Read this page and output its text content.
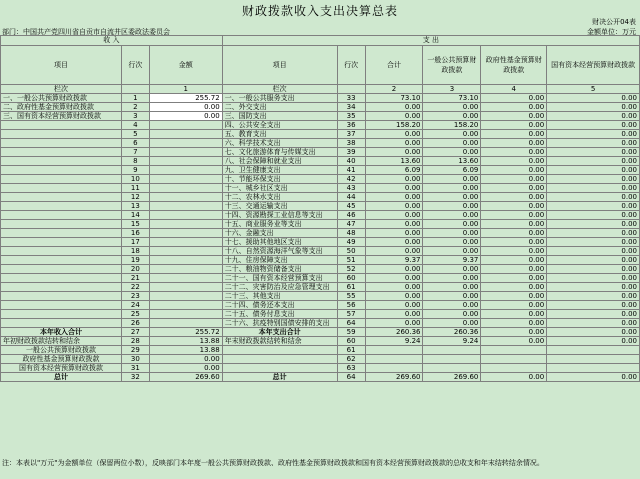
财政拨款收入支出决算总表
财决公开04表
部门：中国共产党四川省自贡市自流井区委政法委员会	金额单位：万元
收 入			支 出					
项目	行次	金额	项目	行次	合计	一般公共预算财政拨款	政府性基金预算财政拨款	国有资本经营预算财政拨款
栏次		1	栏次		2	3	4	5
一、一般公共预算财政拨款	1	255.72	一、一般公共服务支出	33	73.10	73.10	0.00	0.00
二、政府性基金预算财政拨款	2	0.00	二、外交支出	34	0.00	0.00	0.00	0.00
三、国有资本经营预算财政拨款	3	0.00	三、国防支出	35	0.00	0.00	0.00	0.00
	4		四、公共安全支出	36	158.20	158.20	0.00	0.00
	5		五、教育支出	37	0.00	0.00	0.00	0.00
	6		六、科学技术支出	38	0.00	0.00	0.00	0.00
	7		七、文化旅游体育与传媒支出	39	0.00	0.00	0.00	0.00
	8		八、社会保障和就业支出	40	13.60	13.60	0.00	0.00
	9		九、卫生健康支出	41	6.09	6.09	0.00	0.00
	10		十、节能环保支出	42	0.00	0.00	0.00	0.00
	11		十一、城乡社区支出	43	0.00	0.00	0.00	0.00
	12		十二、农林水支出	44	0.00	0.00	0.00	0.00
	13		十三、交通运输支出	45	0.00	0.00	0.00	0.00
	14		十四、资源勘探工业信息等支出	46	0.00	0.00	0.00	0.00
	15		十五、商业服务业等支出	47	0.00	0.00	0.00	0.00
	16		十六、金融支出	48	0.00	0.00	0.00	0.00
	17		十七、援助其他地区支出	49	0.00	0.00	0.00	0.00
	18		十八、自然资源海洋气象等支出	50	0.00	0.00	0.00	0.00
	19		十九、住房保障支出	51	9.37	9.37	0.00	0.00
	20		二十、粮油物资储备支出	52	0.00	0.00	0.00	0.00
	21		二十一、国有资本经营预算支出	60	0.00	0.00	0.00	0.00
	22		二十二、灾害防治及应急管理支出	61	0.00	0.00	0.00	0.00
	23		二十三、其他支出	55	0.00	0.00	0.00	0.00
	24		二十四、债务还本支出	56	0.00	0.00	0.00	0.00
	25		二十五、债务付息支出	57	0.00	0.00	0.00	0.00
	26		二十六、抗疫特别国债安排的支出	64	0.00	0.00	0.00	0.00
本年收入合计	27	255.72	本年支出合计	59	260.36	260.36	0.00	0.00
年初财政拨款结转和结余	28	13.88	年末财政拨款结转和结余	60	9.24	9.24	0.00	0.00
一般公共预算财政拨款	29	13.88		61				
政府性基金预算财政拨款	30	0.00		62				
国有资本经营预算财政拨款	31	0.00		63				
总计	32	269.60	总计	64	269.60	269.60	0.00	0.00
注：本表以"万元"为金额单位（保留两位小数），反映部门本年度一般公共预算财政拨款、政府性基金预算财政拨款和国有资本经营预算财政拨款的总收支和年末结转结余情况。
